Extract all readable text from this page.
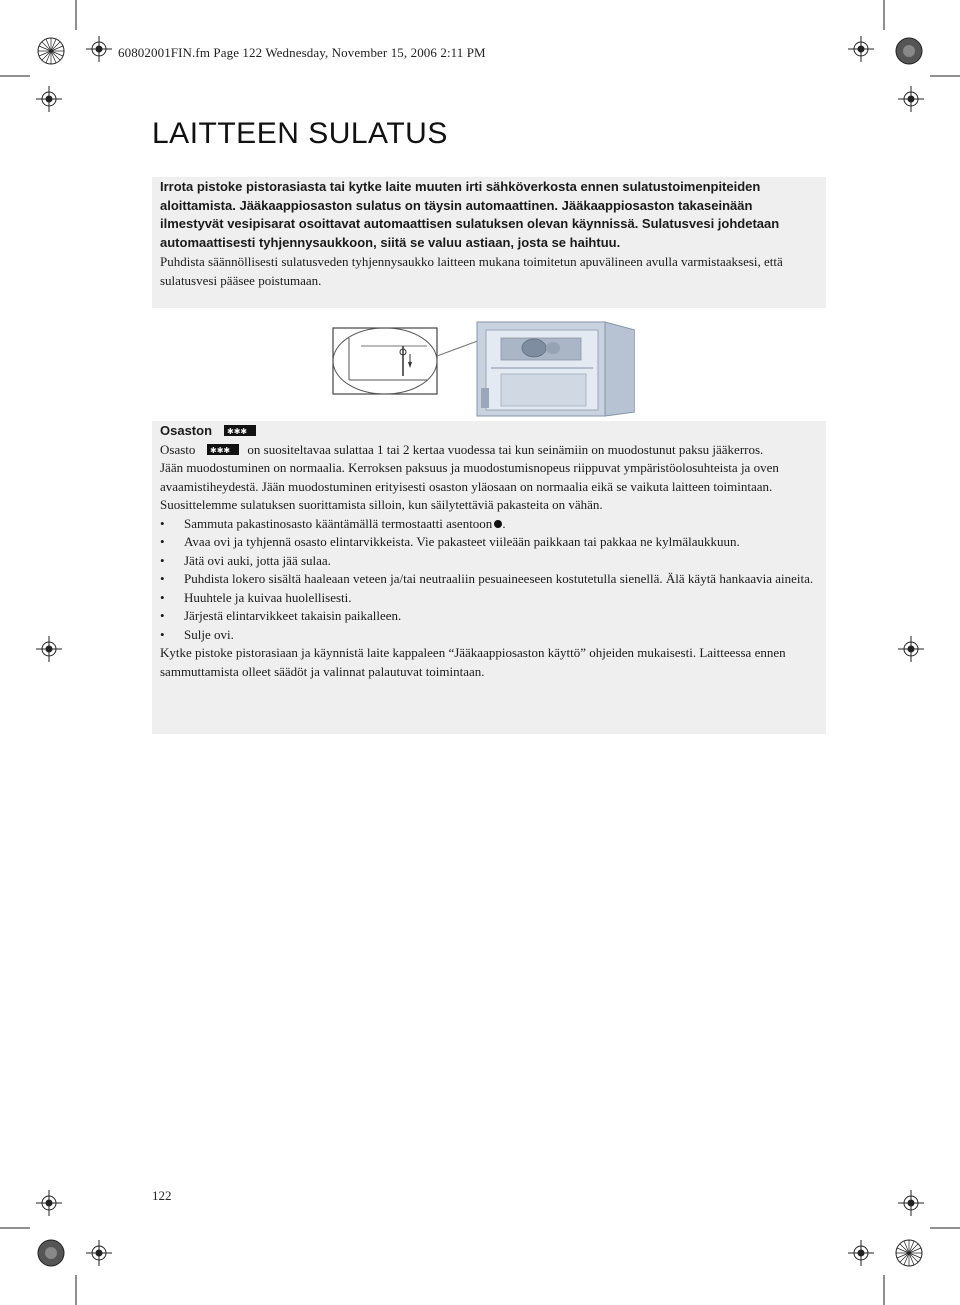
60802001FIN.fm Page 122 Wednesday, November 15, 2006 2:11 PM
LAITTEEN SULATUS
Irrota pistoke pistorasiasta tai kytke laite muuten irti sähköverkosta ennen sulatustoimenpiteiden aloittamista. Jääkaappiosaston sulatus on täysin automaattinen. Jääkaappiosaston takaseinään ilmestyvät vesipisarat osoittavat automaattisen sulatuksen olevan käynnissä. Sulatusvesi johdetaan automaattisesti tyhjennysaukkoon, siitä se valuu astiaan, josta se haihtuu.
Puhdista säännöllisesti sulatusveden tyhjennysaukko laitteen mukana toimitetun apuvälineen avulla varmistaaksesi, että sulatusvesi pääsee poistumaan.
Osaston ✱✱✱
Osasto ✱✱✱ on suositeltavaa sulattaa 1 tai 2 kertaa vuodessa tai kun seinämiin on muodostunut paksu jääkerros.

Jään muodostuminen on normaalia. Kerroksen paksuus ja muodostumisnopeus riippuvat ympäristöolosuhteista ja oven avaamistiheydestä. Jään muodostuminen erityisesti osaston yläosaan on normaalia eikä se vaikuta laitteen toimintaan.

Suosittelemme sulatuksen suorittamista silloin, kun säilytettäviä pakasteita on vähän.

• Sammuta pakastinosasto kääntämällä termostaatti asentoon .
• Avaa ovi ja tyhjennä osasto elintarvikkeista. Vie pakasteet viileään paikkaan tai pakkaa ne kylmälaukkuun.
• Jätä ovi auki, jotta jää sulaa.
• Puhdista lokero sisältä haaleaan veteen ja/tai neutraaliin pesuaineeseen kostutetulla sienellä. Älä käytä hankaavia aineita.
• Huuhtele ja kuivaa huolellisesti.
• Järjestä elintarvikkeet takaisin paikalleen.
• Sulje ovi.

Kytke pistoke pistorasiaan ja käynnistä laite kappaleen “Jääkaappiosaston käyttö” ohjeiden mukaisesti. Laitteessa ennen sammuttamista olleet säädöt ja valinnat palautuvat toimintaan.

122
